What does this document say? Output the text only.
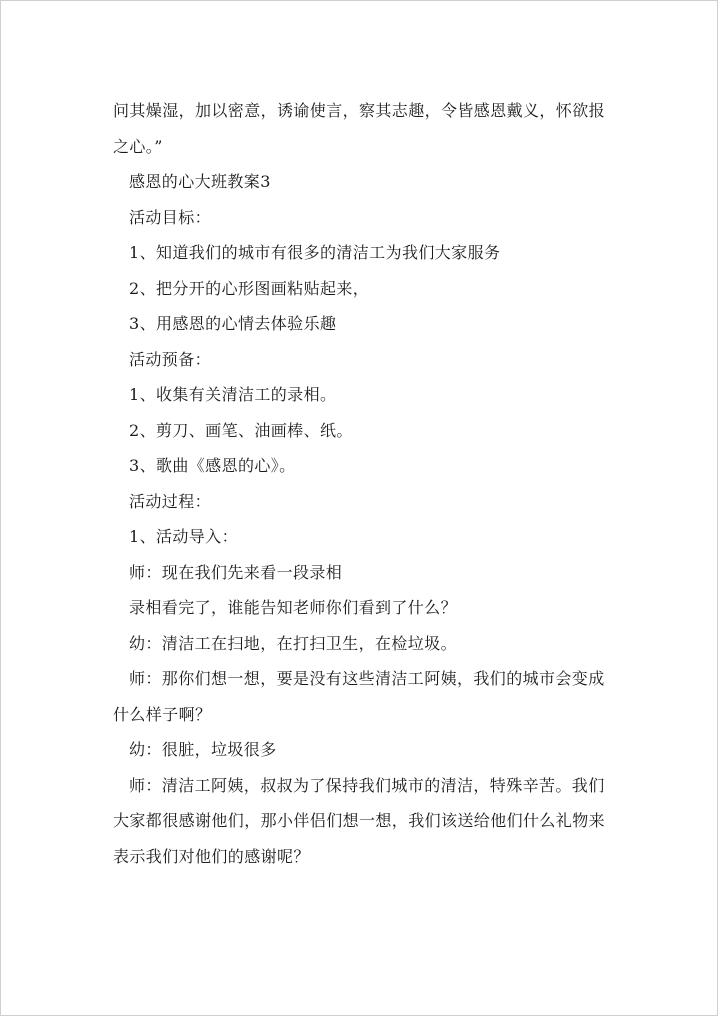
问其燥湿，加以密意，诱谕使言，察其志趣，令皆感恩戴义，怀欲报之心。”

感恩的心大班教案3

活动目标：

1、知道我们的城市有很多的清洁工为我们大家服务

2、把分开的心形图画粘贴起来，

3、用感恩的心情去体验乐趣

活动预备：

1、收集有关清洁工的录相。

2、剪刀、画笔、油画棒、纸。

3、歌曲《感恩的心》。

活动过程：

1、活动导入：

师：现在我们先来看一段录相

录相看完了，谁能告知老师你们看到了什么？

幼：清洁工在扫地，在打扫卫生，在检垃圾。

师：那你们想一想，要是没有这些清洁工阿姨，我们的城市会变成什么样子啊？

幼：很脏，垃圾很多

师：清洁工阿姨，叔叔为了保持我们城市的清洁，特殊辛苦。我们大家都很感谢他们，那小伴侣们想一想，我们该送给他们什么礼物来表示我们对他们的感谢呢？
